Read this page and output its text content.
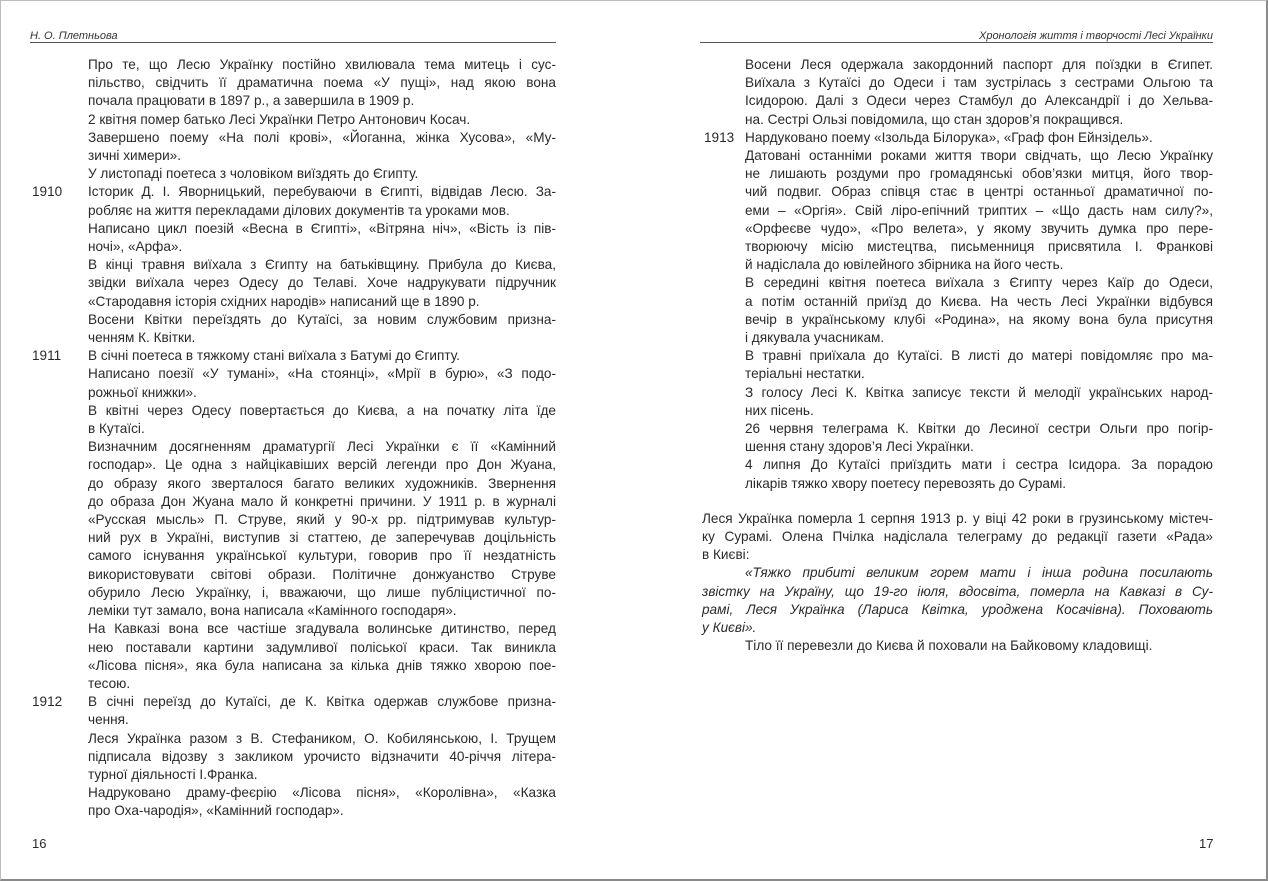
Н. О. Плетньова
Про те, що Лесю Українку постійно хвилювала тема митець і сус-
пільство, свідчить її драматична поема «У пущі», над якою вона
почала працювати в 1897 р., а завершила в 1909 р.
2 квітня помер батько Лесі Українки Петро Антонович Косач.
Завершено поему «На полі крові», «Йоганна, жінка Хусова», «Му-
зичні химери».
У листопаді поетеса з чоловіком виїздять до Єгипту.
1910 Історик Д. І. Яворницький, перебуваючи в Єгипті, відвідав Лесю. За-
робляє на життя перекладами ділових документів та уроками мов.
Написано цикл поезій «Весна в Єгипті», «Вітряна ніч», «Вість із пів-
ночі», «Арфа».
В кінці травня виїхала з Єгипту на батьківщину. Прибула до Києва,
звідки виїхала через Одесу до Телаві. Хоче надрукувати підручник
«Стародавня історія східних народів» написаний ще в 1890 р.
Восени Квітки переїздять до Кутаїсі, за новим службовим призна-
ченням К. Квітки.
1911 В січні поетеса в тяжкому стані виїхала з Батумі до Єгипту.
Написано поезії «У тумані», «На стоянці», «Мрії в бурю», «З подо-
рожньої книжки».
В квітні через Одесу повертається до Києва, а на початку літа їде
в Кутаїсі.
Визначним досягненням драматургії Лесі Українки є її «Камінний
господар». Це одна з найцікавіших версій легенди про Дон Жуана,
до образу якого зверталося багато великих художників. Звернення
до образа Дон Жуана мало й конкретні причини. У 1911 р. в журналі
«Русская мысль» П. Струве, який у 90-х рр. підтримував культур-
ний рух в Україні, виступив зі статтею, де заперечував доцільність
самого існування української культури, говорив про її нездатність
використовувати світові образи. Політичне донжуанство Струве
обурило Лесю Українку, і, вважаючи, що лише публіцистичної по-
леміки тут замало, вона написала «Камінного господаря».
На Кавказі вона все частіше згадувала волинське дитинство, перед
нею поставали картини задумливої поліської краси. Так виникла
«Лісова пісня», яка була написана за кілька днів тяжко хворою пое-
тесою.
1912 В січні переїзд до Кутаїсі, де К. Квітка одержав службове призна-
чення.
Леся Українка разом з В. Стефаником, О. Кобилянською, І. Трущем
підписала відозву з закликом урочисто відзначити 40-річчя літера-
турної діяльності І.Франка.
Надруковано драму-феєрію «Лісова пісня», «Королівна», «Казка
про Оха-чародія», «Камінний господар».
16
Хронологія життя і творчості Лесі Українки
Восени Леся одержала закордонний паспорт для поїздки в Єгипет.
Виїхала з Кутаїсі до Одеси і там зустрілась з сестрами Ольгою та
Ісидорою. Далі з Одеси через Стамбул до Александрії і до Хельва-
на. Сестрі Ользі повідомила, що стан здоров’я покращився.
1913 Нардуковано поему «Ізольда Білорука», «Граф фон Ейнзідель».
Датовані останніми роками життя твори свідчать, що Лесю Українку
не лишають роздуми про громадянські обов’язки митця, його твор-
чий подвиг. Образ співця стає в центрі останньої драматичної по-
еми – «Оргія». Свій ліро-епічний триптих – «Що дасть нам силу?»,
«Орфеєве чудо», «Про велета», у якому звучить думка про пере-
творюючу місію мистецтва, письменниця присвятила І. Франкові
й надіслала до ювілейного збірника на його честь.
В середині квітня поетеса виїхала з Єгипту через Каїр до Одеси,
а потім останній приїзд до Києва. На честь Лесі Українки відбувся
вечір в українському клубі «Родина», на якому вона була присутня
і дякувала учасникам.
В травні приїхала до Кутаїсі. В листі до матері повідомляє про ма-
теріальні нестатки.
З голосу Лесі К. Квітка записує тексти й мелодії українських народ-
них пісень.
26 червня телеграма К. Квітки до Лесиної сестри Ольги про погір-
шення стану здоров’я Лесі Українки.
4 липня До Кутаїсі приїздить мати і сестра Ісидора. За порадою
лікарів тяжко хвору поетесу перевозять до Сурамі.
Леся Українка померла 1 серпня 1913 р. у віці 42 роки в грузинському містеч-
ку Сурамі. Олена Пчілка надіслала телеграму до редакції газети «Рада»
в Києві:
«Тяжко прибиті великим горем мати і інша родина посилають
звістку на Україну, що 19-го іюля, вдосвіта, померла на Кавказі в Су-
рамі, Леся Українка (Лариса Квітка, уроджена Косачівна). Поховають
у Києві».
Тіло її перевезли до Києва й поховали на Байковому кладовищі.
17
